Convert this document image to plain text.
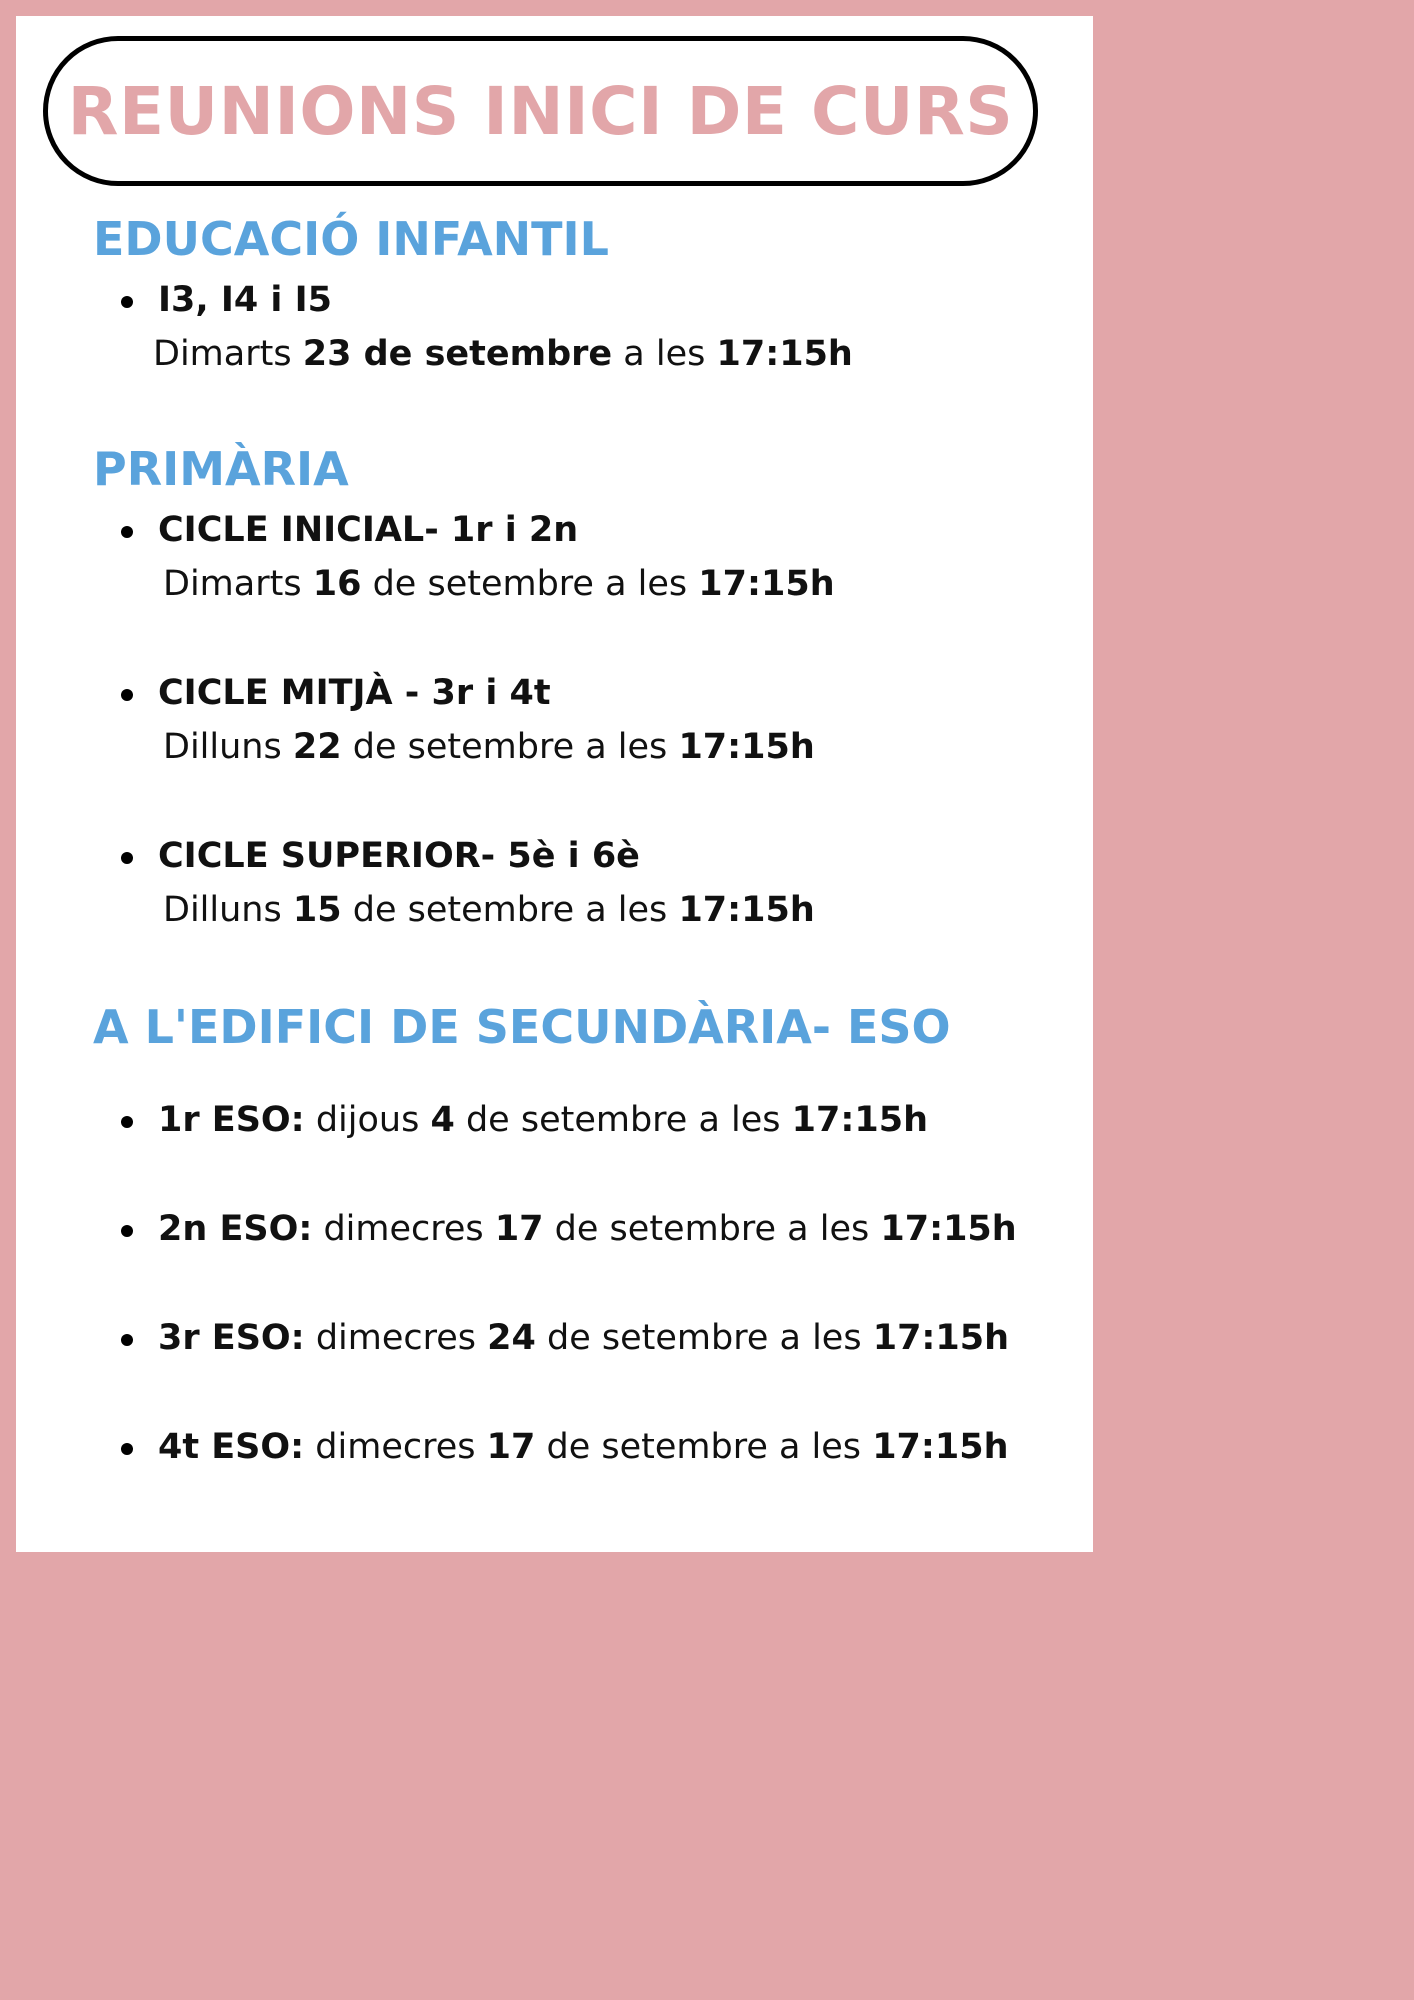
REUNIONS INICI DE CURS
EDUCACIÓ INFANTIL
I3, I4 i I5
Dimarts 23 de setembre a les 17:15h
PRIMÀRIA
CICLE INICIAL- 1r i 2n
Dimarts 16 de setembre a les 17:15h
CICLE MITJÀ - 3r i 4t
Dilluns 22 de setembre a les 17:15h
CICLE SUPERIOR- 5è i 6è
Dilluns 15 de setembre a les 17:15h
A L'EDIFICI DE SECUNDÀRIA- ESO
1r ESO: dijous 4 de setembre a les 17:15h
2n ESO: dimecres 17 de setembre a les 17:15h
3r ESO: dimecres 24 de setembre a les 17:15h
4t ESO: dimecres 17 de setembre a les 17:15h
